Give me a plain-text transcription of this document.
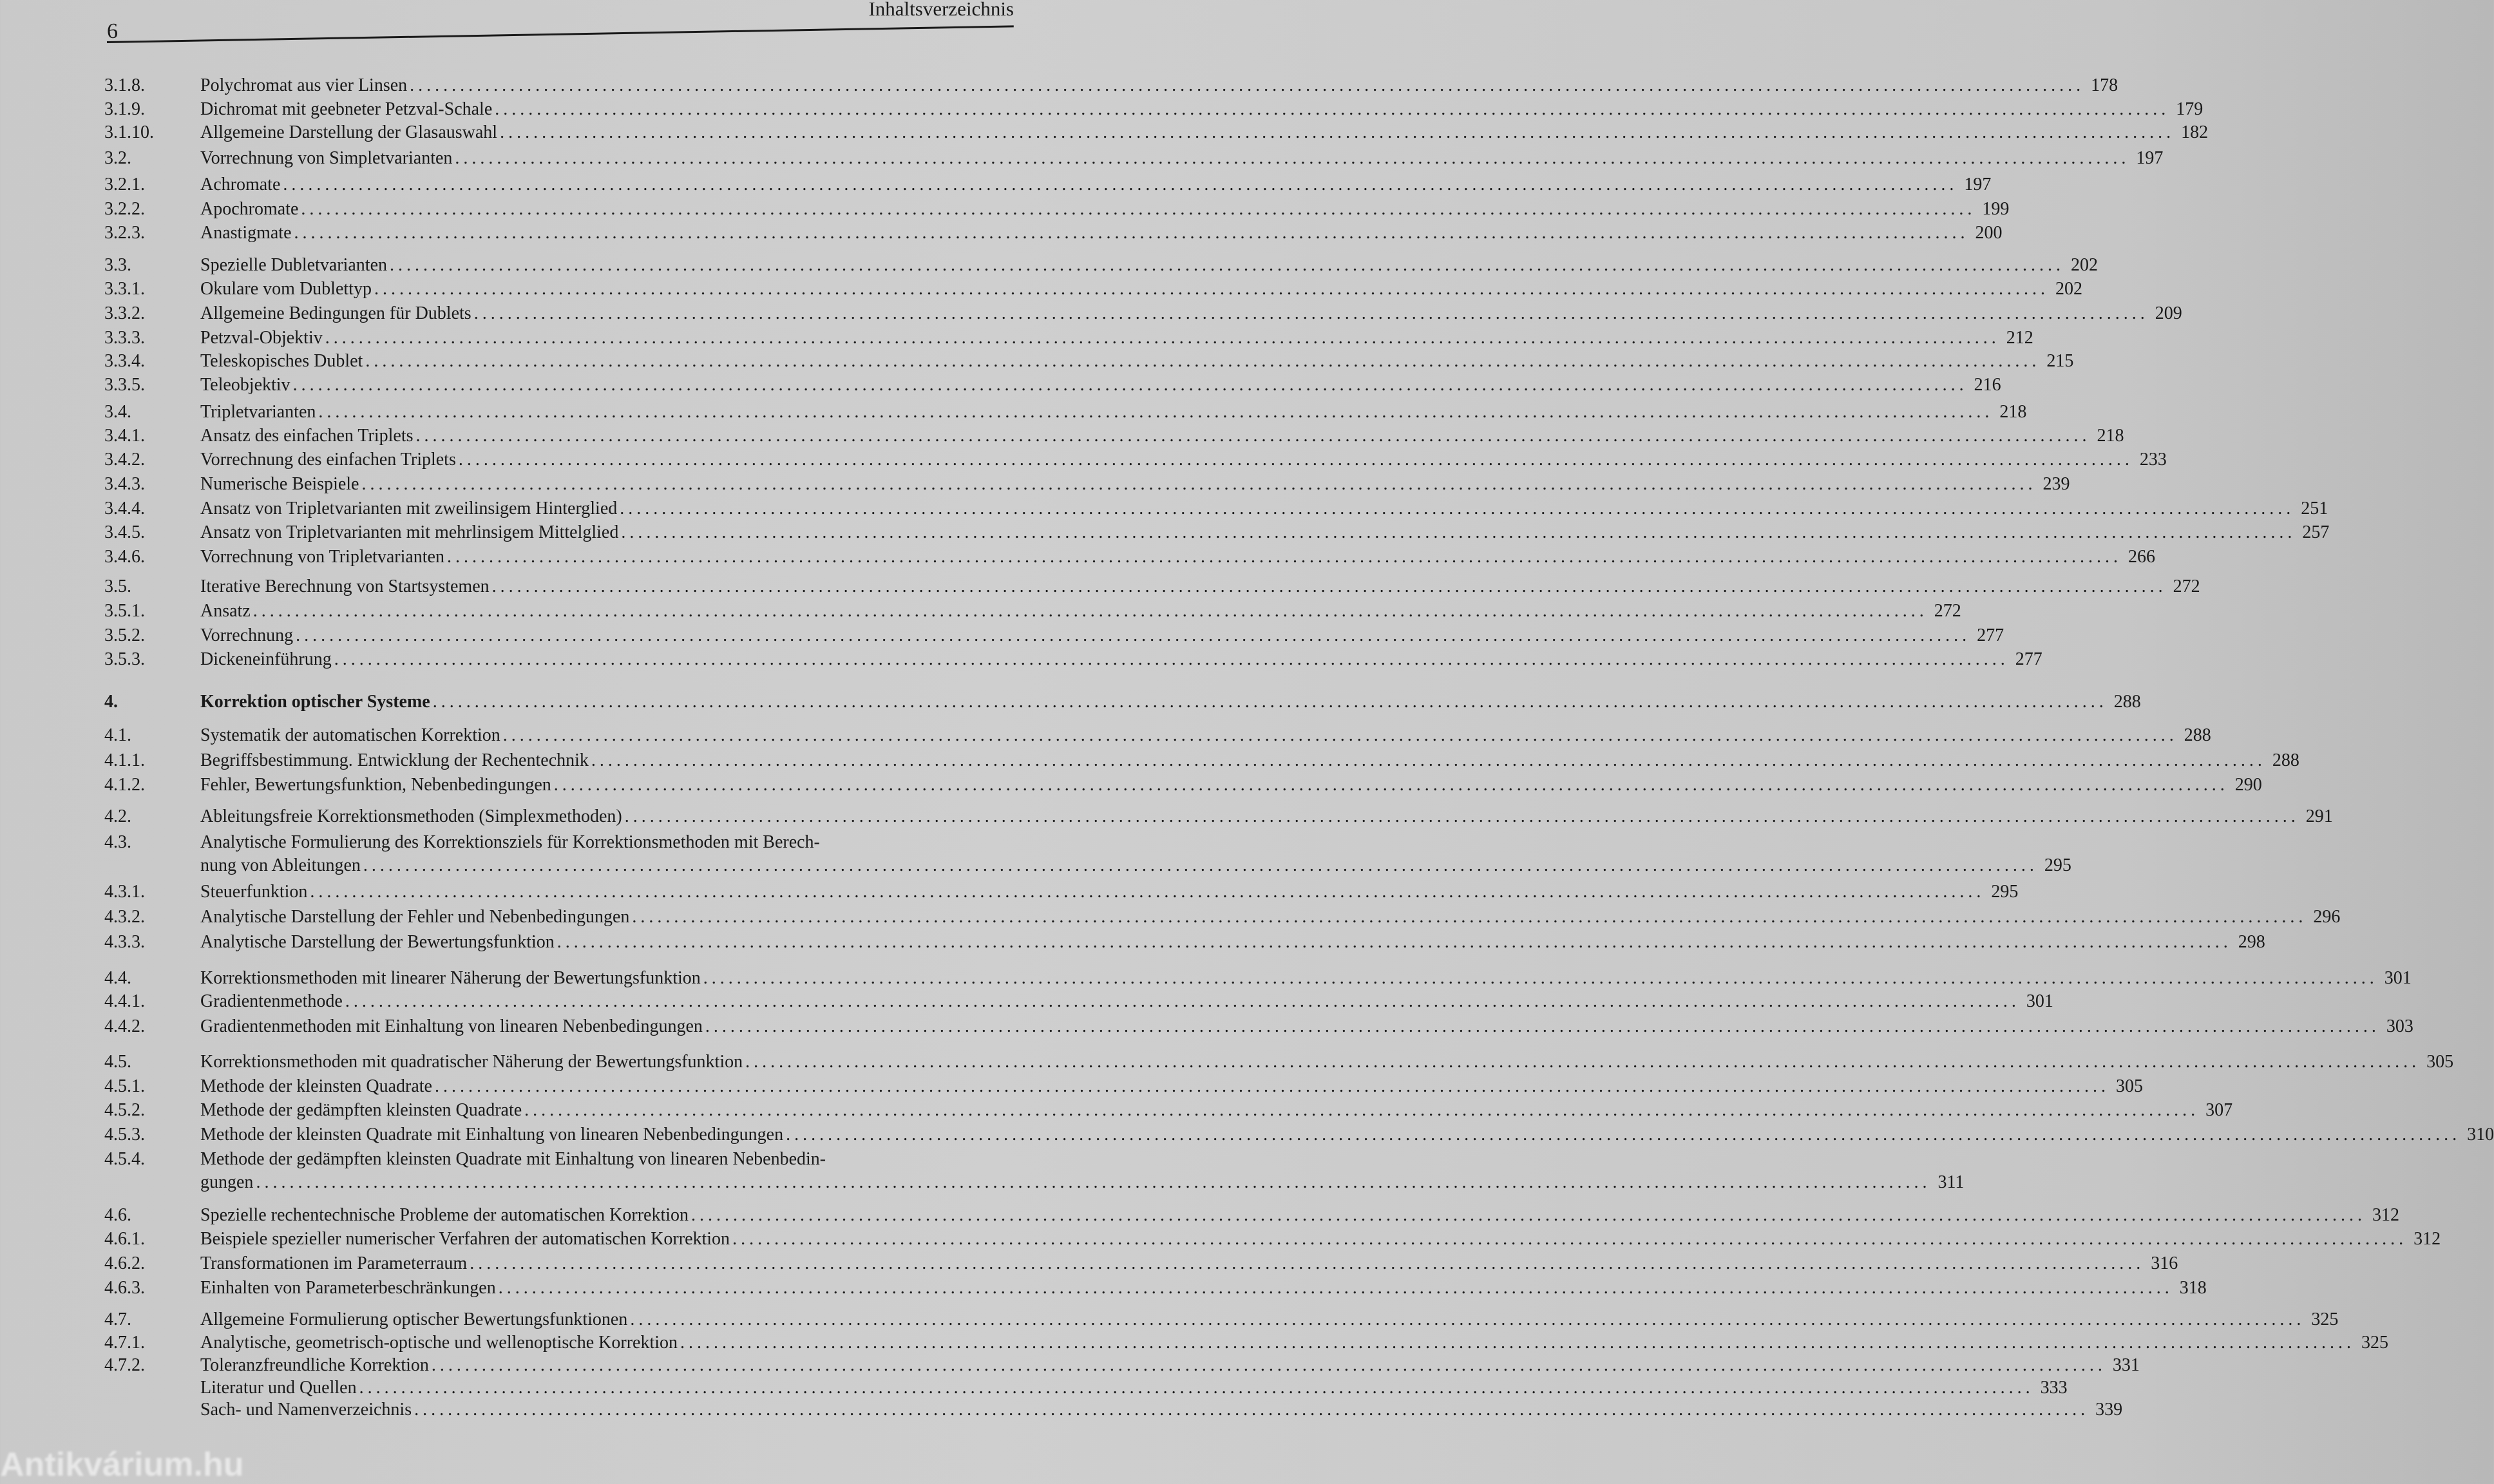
6
Inhaltsverzeichnis
3.1.8.	Polychromat aus vier Linsen ........................................................................................................................................................................................................ 178
3.1.9.	Dichromat mit geebneter Petzval-Schale ........................................................................................................................................................................................................ 179
3.1.10.	Allgemeine Darstellung der Glasauswahl ........................................................................................................................................................................................................ 182
3.2.	Vorrechnung von Simpletvarianten ........................................................................................................................................................................................................ 197
3.2.1.	Achromate ........................................................................................................................................................................................................ 197
3.2.2.	Apochromate ........................................................................................................................................................................................................ 199
3.2.3.	Anastigmate ........................................................................................................................................................................................................ 200
3.3.	Spezielle Dubletvarianten ........................................................................................................................................................................................................ 202
3.3.1.	Okulare vom Dublettyp ........................................................................................................................................................................................................ 202
3.3.2.	Allgemeine Bedingungen für Dublets ........................................................................................................................................................................................................ 209
3.3.3.	Petzval-Objektiv ........................................................................................................................................................................................................ 212
3.3.4.	Teleskopisches Dublet ........................................................................................................................................................................................................ 215
3.3.5.	Teleobjektiv ........................................................................................................................................................................................................ 216
3.4.	Tripletvarianten ........................................................................................................................................................................................................ 218
3.4.1.	Ansatz des einfachen Triplets ........................................................................................................................................................................................................ 218
3.4.2.	Vorrechnung des einfachen Triplets ........................................................................................................................................................................................................ 233
3.4.3.	Numerische Beispiele ........................................................................................................................................................................................................ 239
3.4.4.	Ansatz von Tripletvarianten mit zweilinsigem Hinterglied ........................................................................................................................................................................................................ 251
3.4.5.	Ansatz von Tripletvarianten mit mehrlinsigem Mittelglied ........................................................................................................................................................................................................ 257
3.4.6.	Vorrechnung von Tripletvarianten ........................................................................................................................................................................................................ 266
3.5.	Iterative Berechnung von Startsystemen ........................................................................................................................................................................................................ 272
3.5.1.	Ansatz ........................................................................................................................................................................................................ 272
3.5.2.	Vorrechnung ........................................................................................................................................................................................................ 277
3.5.3.	Dickeneinführung ........................................................................................................................................................................................................ 277
4.	Korrektion optischer Systeme ........................................................................................................................................................................................................ 288
4.1.	Systematik der automatischen Korrektion ........................................................................................................................................................................................................ 288
4.1.1.	Begriffsbestimmung. Entwicklung der Rechentechnik ........................................................................................................................................................................................................ 288
4.1.2.	Fehler, Bewertungsfunktion, Nebenbedingungen ........................................................................................................................................................................................................ 290
4.2.	Ableitungsfreie Korrektionsmethoden (Simplexmethoden) ........................................................................................................................................................................................................ 291
4.3.	Analytische Formulierung des Korrektionsziels für Korrektionsmethoden mit Berech-
nung von Ableitungen ........................................................................................................................................................................................................ 295
4.3.1.	Steuerfunktion ........................................................................................................................................................................................................ 295
4.3.2.	Analytische Darstellung der Fehler und Nebenbedingungen ........................................................................................................................................................................................................ 296
4.3.3.	Analytische Darstellung der Bewertungsfunktion ........................................................................................................................................................................................................ 298
4.4.	Korrektionsmethoden mit linearer Näherung der Bewertungsfunktion ........................................................................................................................................................................................................ 301
4.4.1.	Gradientenmethode ........................................................................................................................................................................................................ 301
4.4.2.	Gradientenmethoden mit Einhaltung von linearen Nebenbedingungen ........................................................................................................................................................................................................ 303
4.5.	Korrektionsmethoden mit quadratischer Näherung der Bewertungsfunktion ........................................................................................................................................................................................................ 305
4.5.1.	Methode der kleinsten Quadrate ........................................................................................................................................................................................................ 305
4.5.2.	Methode der gedämpften kleinsten Quadrate ........................................................................................................................................................................................................ 307
4.5.3.	Methode der kleinsten Quadrate mit Einhaltung von linearen Nebenbedingungen ........................................................................................................................................................................................................ 310
4.5.4.	Methode der gedämpften kleinsten Quadrate mit Einhaltung von linearen Nebenbedin-
gungen ........................................................................................................................................................................................................ 311
4.6.	Spezielle rechentechnische Probleme der automatischen Korrektion ........................................................................................................................................................................................................ 312
4.6.1.	Beispiele spezieller numerischer Verfahren der automatischen Korrektion ........................................................................................................................................................................................................ 312
4.6.2.	Transformationen im Parameterraum ........................................................................................................................................................................................................ 316
4.6.3.	Einhalten von Parameterbeschränkungen ........................................................................................................................................................................................................ 318
4.7.	Allgemeine Formulierung optischer Bewertungsfunktionen ........................................................................................................................................................................................................ 325
4.7.1.	Analytische, geometrisch-optische und wellenoptische Korrektion ........................................................................................................................................................................................................ 325
4.7.2.	Toleranzfreundliche Korrektion ........................................................................................................................................................................................................ 331
Literatur und Quellen ........................................................................................................................................................................................................ 333
Sach- und Namenverzeichnis ........................................................................................................................................................................................................ 339
Antikvárium.hu
